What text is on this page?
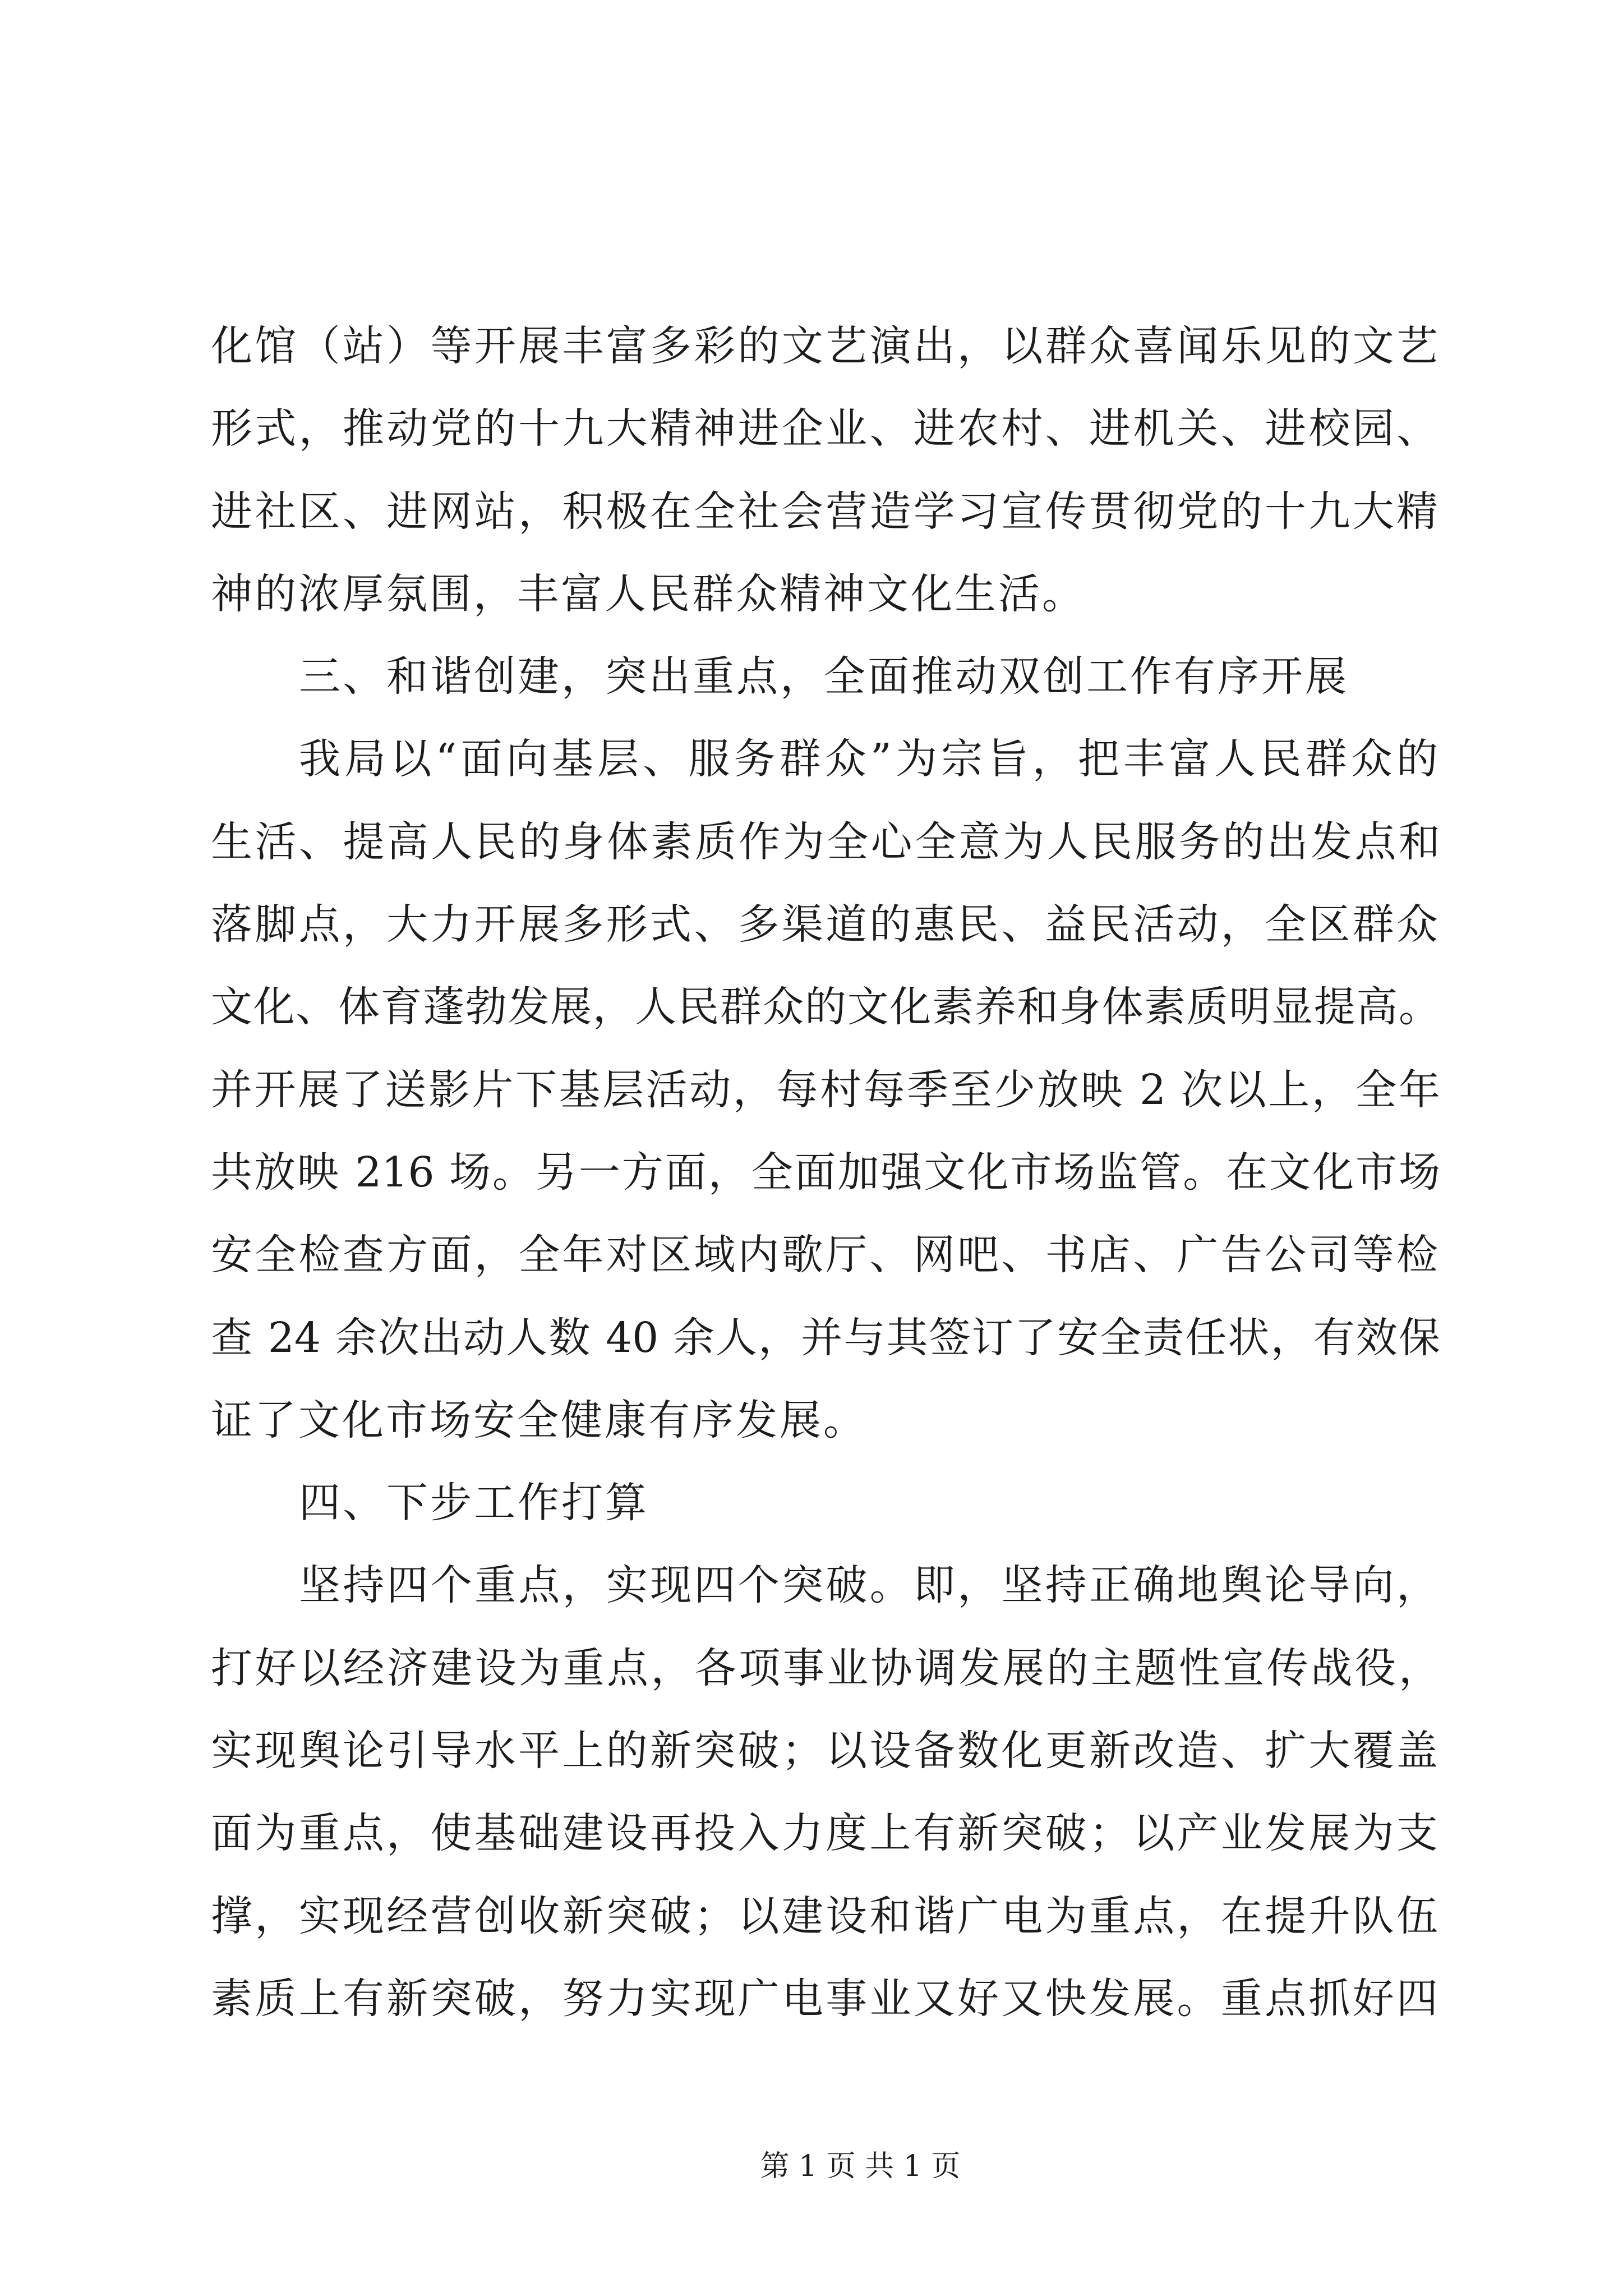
化馆（站）等开展丰富多彩的文艺演出，以群众喜闻乐见的文艺
形式，推动党的十九大精神进企业、进农村、进机关、进校园、
进社区、进网站，积极在全社会营造学习宣传贯彻党的十九大精
神的浓厚氛围，丰富人民群众精神文化生活。
三、和谐创建，突出重点，全面推动双创工作有序开展
我局以“面向基层、服务群众”为宗旨，把丰富人民群众的
生活、提高人民的身体素质作为全心全意为人民服务的出发点和
落脚点，大力开展多形式、多渠道的惠民、益民活动，全区群众
文化、体育蓬勃发展，人民群众的文化素养和身体素质明显提高。
并开展了送影片下基层活动，每村每季至少放映 2 次以上，全年
共放映 216 场。另一方面，全面加强文化市场监管。在文化市场
安全检查方面，全年对区域内歌厅、网吧、书店、广告公司等检
查 24 余次出动人数 40 余人，并与其签订了安全责任状，有效保
证了文化市场安全健康有序发展。
四、下步工作打算
坚持四个重点，实现四个突破。即，坚持正确地舆论导向，
打好以经济建设为重点，各项事业协调发展的主题性宣传战役，
实现舆论引导水平上的新突破；以设备数化更新改造、扩大覆盖
面为重点，使基础建设再投入力度上有新突破；以产业发展为支
撑，实现经营创收新突破；以建设和谐广电为重点，在提升队伍
素质上有新突破，努力实现广电事业又好又快发展。重点抓好四
第 1 页 共 1 页
